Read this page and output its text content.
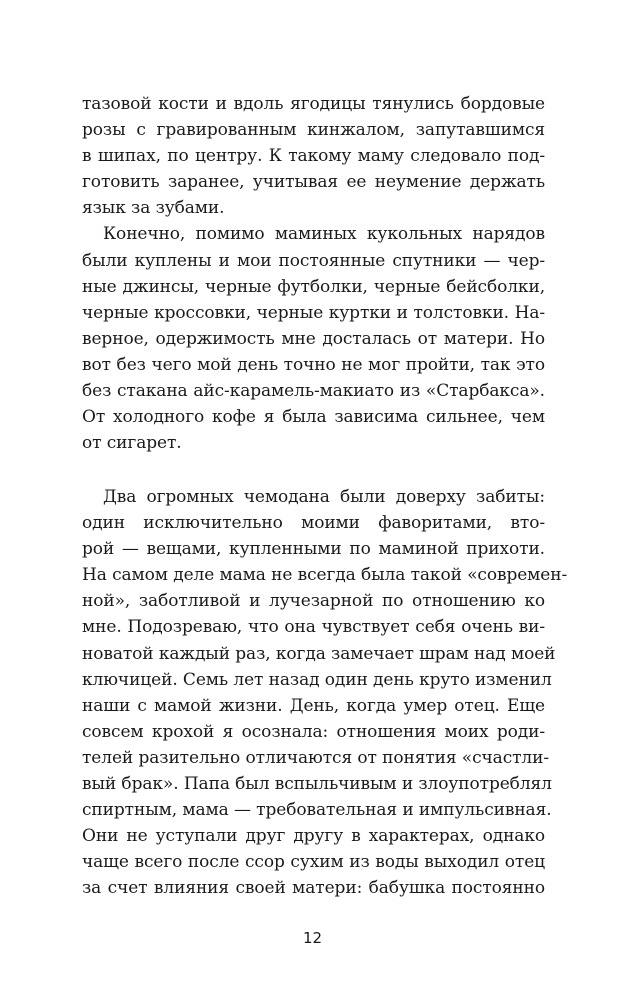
тазовой кости и вдоль ягодицы тянулись бордовые
розы с гравированным кинжалом, запутавшимся
в шипах, по центру. К такому маму следовало под-
готовить заранее, учитывая ее неумение держать
язык за зубами.
Конечно, помимо маминых кукольных нарядов
были куплены и мои постоянные спутники — чер-
ные джинсы, черные футболки, черные бейсболки,
черные кроссовки, черные куртки и толстовки. На-
верное, одержимость мне досталась от матери. Но
вот без чего мой день точно не мог пройти, так это
без стакана айс-карамель-макиато из «Старбакса».
От холодного кофе я была зависима сильнее, чем
от сигарет.
Два огромных чемодана были доверху забиты:
один исключительно моими фаворитами, вто-
рой — вещами, купленными по маминой прихоти.
На самом деле мама не всегда была такой «современ-
ной», заботливой и лучезарной по отношению ко
мне. Подозреваю, что она чувствует себя очень ви-
новатой каждый раз, когда замечает шрам над моей
ключицей. Семь лет назад один день круто изменил
наши с мамой жизни. День, когда умер отец. Еще
совсем крохой я осознала: отношения моих роди-
телей разительно отличаются от понятия «счастли-
вый брак». Папа был вспыльчивым и злоупотреблял
спиртным, мама — требовательная и импульсивная.
Они не уступали друг другу в характерах, однако
чаще всего после ссор сухим из воды выходил отец
за счет влияния своей матери: бабушка постоянно
12
